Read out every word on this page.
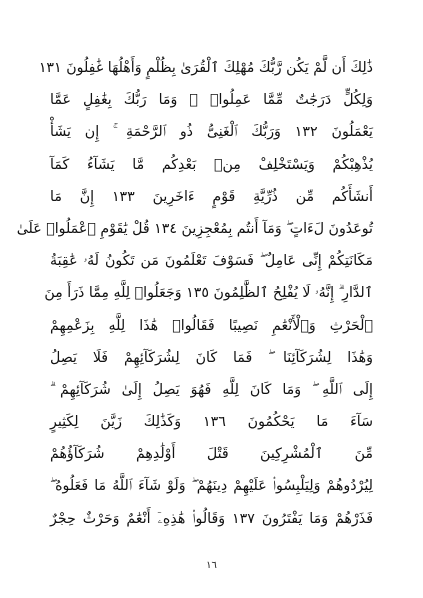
ذَٰلِكَ أَن لَّمْ يَكُن رَّبُّكَ مُهْلِكَ ٱلْقُرَىٰ بِظُلْمٍ وَأَهْلُهَا غَٰفِلُونَ ١٣١
وَلِكُلٍّ دَرَجَٰتٌ مِّمَّا عَمِلُوا۟ ۚ وَمَا رَبُّكَ بِغَٰفِلٍ عَمَّا
يَعْمَلُونَ ١٣٢ وَرَبُّكَ ٱلْغَنِىُّ ذُو ٱلرَّحْمَةِ ۚ إِن يَشَأْ
يُذْهِبْكُمْ وَيَسْتَخْلِفْ مِنۢ بَعْدِكُم مَّا يَشَآءُ كَمَآ
أَنشَأَكُم مِّن ذُرِّيَّةِ قَوْمٍ ءَاخَرِينَ ١٣٣ إِنَّ مَا
تُوعَدُونَ لَءَاتٍ ۖ وَمَآ أَنتُم بِمُعْجِزِينَ ١٣٤ قُلْ يَٰقَوْمِ ٱعْمَلُوا۟ عَلَىٰ
مَكَانَتِكُمْ إِنِّى عَامِلٌ ۖ فَسَوْفَ تَعْلَمُونَ مَن تَكُونُ لَهُۥ عَٰقِبَةُ
ٱلدَّارِ ۗ إِنَّهُۥ لَا يُفْلِحُ ٱلظَّٰلِمُونَ ١٣٥ وَجَعَلُوا۟ لِلَّهِ مِمَّا ذَرَأَ مِنَ
ٱلْحَرْثِ وَٱلْأَنْعَٰمِ نَصِيبًا فَقَالُوا۟ هَٰذَا لِلَّهِ بِزَعْمِهِمْ
وَهَٰذَا لِشُرَكَآئِنَا ۖ فَمَا كَانَ لِشُرَكَآئِهِمْ فَلَا يَصِلُ
إِلَى ٱللَّهِ ۖ وَمَا كَانَ لِلَّهِ فَهُوَ يَصِلُ إِلَىٰ شُرَكَآئِهِمْ ۗ
سَآءَ مَا يَحْكُمُونَ ١٣٦ وَكَذَٰلِكَ زَيَّنَ لِكَثِيرٍ
مِّنَ ٱلْمُشْرِكِينَ قَتْلَ أَوْلَٰدِهِمْ شُرَكَآؤُهُمْ
لِيُرْدُوهُمْ وَلِيَلْبِسُوا۟ عَلَيْهِمْ دِينَهُمْ ۖ وَلَوْ شَآءَ ٱللَّهُ مَا فَعَلُوهُ ۖ
فَذَرْهُمْ وَمَا يَفْتَرُونَ ١٣٧ وَقَالُوا۟ هَٰذِهِۦٓ أَنْعَٰمٌ وَحَرْثٌ حِجْرٌ
١٦
